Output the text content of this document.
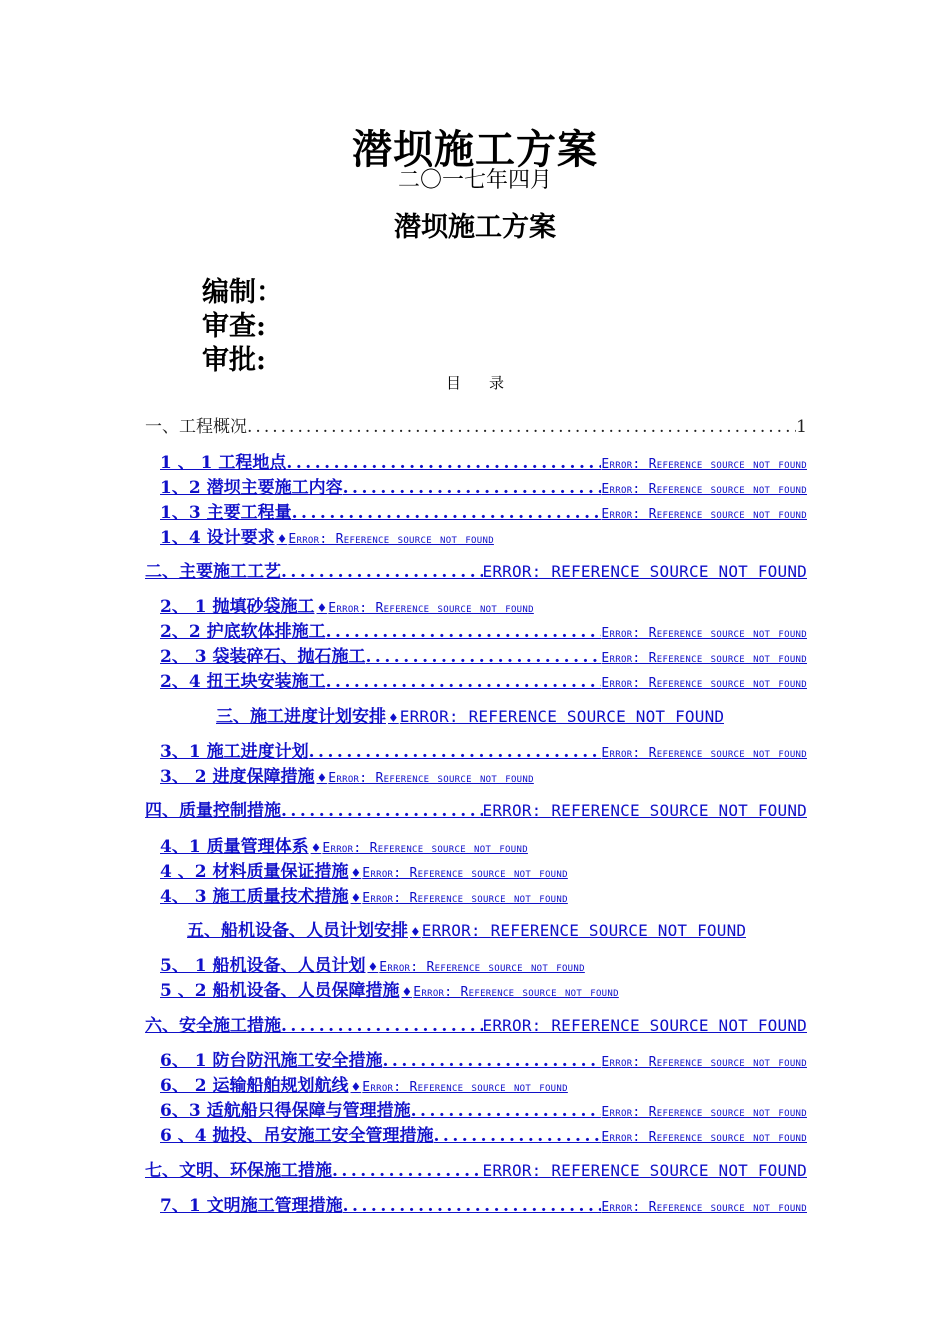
潜坝施工方案
二〇一七年四月
潜坝施工方案
编制：
审查:
审批:
目录
一、工程概况 . . .	1
1 、 1 工程地点 . . .	Error: Reference source not found
1、2 潜坝主要施工内容 . . .	Error: Reference source not found
1、3 主要工程量 . . .	Error: Reference source not found
1、4 设计要求 ♦ Error: Reference source not found
二、主要施工工艺 . . .	ERROR: REFERENCE SOURCE NOT FOUND
2、 1 抛填砂袋施工 ♦ Error: Reference source not found
2、2 护底软体排施工 . . .	Error: Reference source not found
2、 3 袋装碎石、抛石施工 . . .	Error: Reference source not found
2、4 扭王块安装施工 . . .	Error: Reference source not found
三、施工进度计划安排 ♦ ERROR: REFERENCE SOURCE NOT FOUND
3、1 施工进度计划 . . .	Error: Reference source not found
3、 2 进度保障措施 ♦ Error: Reference source not found
四、质量控制措施 . . .	ERROR: REFERENCE SOURCE NOT FOUND
4、1 质量管理体系 ♦ Error: Reference source not found
4 、2 材料质量保证措施 ♦ Error: Reference source not found
4、 3 施工质量技术措施 ♦ Error: Reference source not found
五、船机设备、人员计划安排 ♦ ERROR: REFERENCE SOURCE NOT FOUND
5、 1 船机设备、人员计划 ♦ Error: Reference source not found
5 、2 船机设备、人员保障措施 ♦ Error: Reference source not found
六、安全施工措施 . . .	ERROR: REFERENCE SOURCE NOT FOUND
6、 1 防台防汛施工安全措施 . . .	Error: Reference source not found
6、 2 运输船舶规划航线 ♦ Error: Reference source not found
6、3 适航船只得保障与管理措施 . . .	Error: Reference source not found
6 、4 抛投、吊安施工安全管理措施 . . .	Error: Reference source not found
七、文明、环保施工措施 . . .	ERROR: REFERENCE SOURCE NOT FOUND
7、1 文明施工管理措施 . . .	Error: Reference source not found
